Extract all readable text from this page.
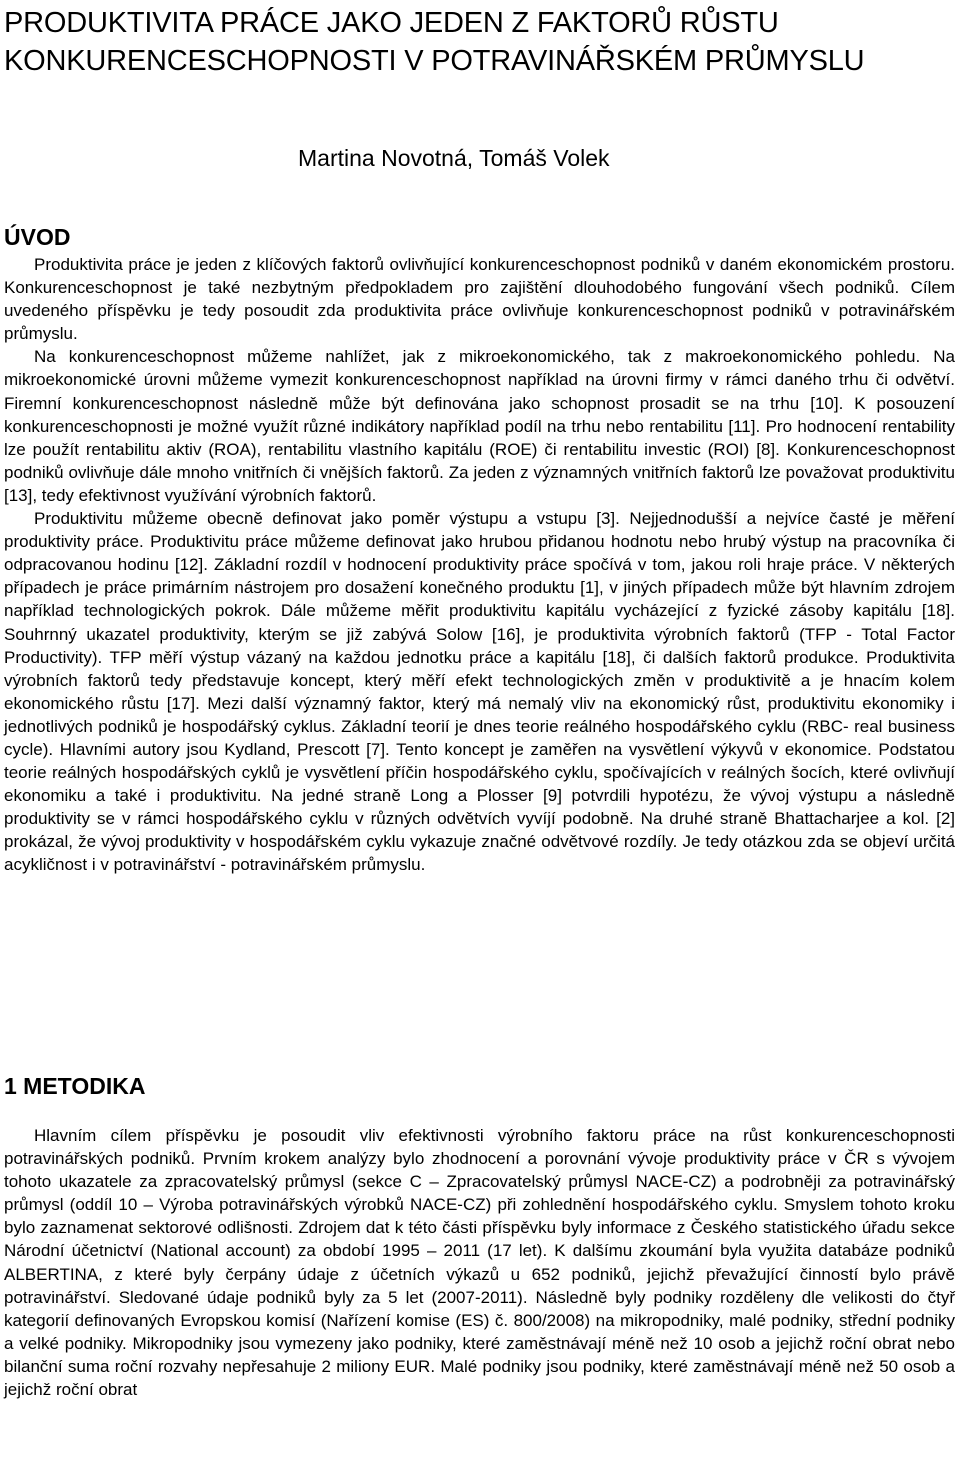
PRODUKTIVITA PRÁCE JAKO JEDEN Z FAKTORŮ RŮSTU KONKURENCESCHOPNOSTI V POTRAVINÁŘSKÉM PRŮMYSLU
Martina Novotná, Tomáš Volek
ÚVOD

Produktivita práce je jeden z klíčových faktorů ovlivňující konkurenceschopnost podniků v daném ekonomickém prostoru. Konkurenceschopnost je také nezbytným předpokladem pro zajištění dlouhodobého fungování všech podniků. Cílem uvedeného příspěvku je tedy posoudit zda produktivita práce ovlivňuje konkurenceschopnost podniků v potravinářském průmyslu.

Na konkurenceschopnost můžeme nahlížet, jak z mikroekonomického, tak z makroekonomického pohledu. Na mikroekonomické úrovni můžeme vymezit konkurenceschopnost například na úrovni firmy v rámci daného trhu či odvětví. Firemní konkurenceschopnost následně může být definována jako schopnost prosadit se na trhu [10]. K posouzení konkurenceschopnosti je možné využít různé indikátory například podíl na trhu nebo rentabilitu [11]. Pro hodnocení rentability lze použít rentabilitu aktiv (ROA), rentabilitu vlastního kapitálu (ROE) či rentabilitu investic (ROI) [8]. Konkurenceschopnost podniků ovlivňuje dále mnoho vnitřních či vnějších faktorů. Za jeden z významných vnitřních faktorů lze považovat produktivitu [13], tedy efektivnost využívání výrobních faktorů.

Produktivitu můžeme obecně definovat jako poměr výstupu a vstupu [3]. Nejjednodušší a nejvíce časté je měření produktivity práce. Produktivitu práce můžeme definovat jako hrubou přidanou hodnotu nebo hrubý výstup na pracovníka či odpracovanou hodinu [12]. Základní rozdíl v hodnocení produktivity práce spočívá v tom, jakou roli hraje práce. V některých případech je práce primárním nástrojem pro dosažení konečného produktu [1], v jiných případech může být hlavním zdrojem například technologických pokrok. Dále můžeme měřit produktivitu kapitálu vycházející z fyzické zásoby kapitálu [18]. Souhrnný ukazatel produktivity, kterým se již zabývá Solow [16], je produktivita výrobních faktorů (TFP - Total Factor Productivity). TFP měří výstup vázaný na každou jednotku práce a kapitálu [18], či dalších faktorů produkce. Produktivita výrobních faktorů tedy představuje koncept, který měří efekt technologických změn v produktivitě a je hnacím kolem ekonomického růstu [17]. Mezi další významný faktor, který má nemalý vliv na ekonomický růst, produktivitu ekonomiky i jednotlivých podniků je hospodářský cyklus. Základní teorií je dnes teorie reálného hospodářského cyklu (RBC- real business cycle). Hlavními autory jsou Kydland, Prescott [7]. Tento koncept je zaměřen na vysvětlení výkyvů v ekonomice. Podstatou teorie reálných hospodářských cyklů je vysvětlení příčin hospodářského cyklu, spočívajících v reálných šocích, které ovlivňují ekonomiku a také i produktivitu. Na jedné straně Long a Plosser [9] potvrdili hypotézu, že vývoj výstupu a následně produktivity se v rámci hospodářského cyklu v různých odvětvích vyvíjí podobně. Na druhé straně Bhattacharjee a kol. [2] prokázal, že vývoj produktivity v hospodářském cyklu vykazuje značné odvětvové rozdíly. Je tedy otázkou zda se objeví určitá acykličnost i v potravinářství - potravinářském průmyslu.

1 METODIKA

Hlavním cílem příspěvku je posoudit vliv efektivnosti výrobního faktoru práce na růst konkurenceschopnosti potravinářských podniků. Prvním krokem analýzy bylo zhodnocení a porovnání vývoje produktivity práce v ČR s vývojem tohoto ukazatele za zpracovatelský průmysl (sekce C – Zpracovatelský průmysl NACE-CZ) a podrobněji za potravinářský průmysl (oddíl 10 – Výroba potravinářských výrobků NACE-CZ) při zohlednění hospodářského cyklu. Smyslem tohoto kroku bylo zaznamenat sektorové odlišnosti. Zdrojem dat k této části příspěvku byly informace z Českého statistického úřadu sekce Národní účetnictví (National account) za období 1995 – 2011 (17 let). K dalšímu zkoumání byla využita databáze podniků ALBERTINA, z které byly čerpány údaje z účetních výkazů u 652 podniků, jejichž převažující činností bylo právě potravinářství. Sledované údaje podniků byly za 5 let (2007-2011). Následně byly podniky rozděleny dle velikosti do čtyř kategorií definovaných Evropskou komisí (Nařízení komise (ES) č. 800/2008) na mikropodniky, malé podniky, střední podniky a velké podniky. Mikropodniky jsou vymezeny jako podniky, které zaměstnávají méně než 10 osob a jejichž roční obrat nebo bilanční suma roční rozvahy nepřesahuje 2 miliony EUR. Malé podniky jsou podniky, které zaměstnávají méně než 50 osob a jejichž roční obrat
